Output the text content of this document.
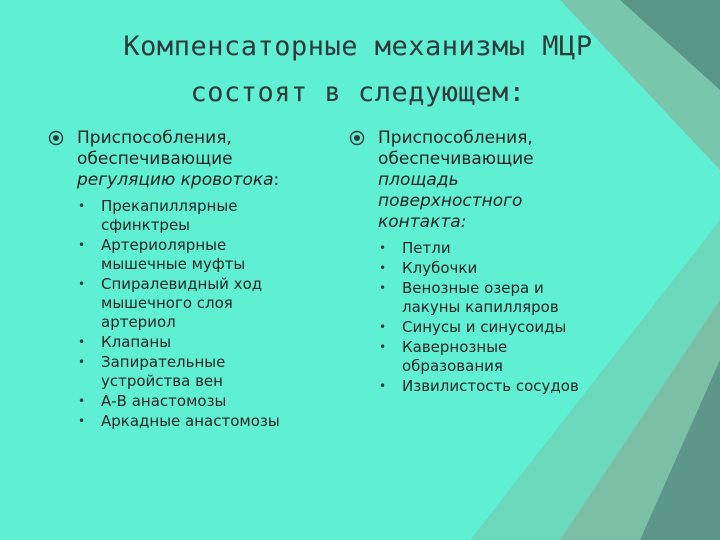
Компенсаторные механизмы МЦР
состоят в следующем:
Приспособления,
обеспечивающие
регуляцию кровотока:
• Прекапиллярные
сфинктреы
• Артериолярные
мышечные муфты
• Спиралевидный ход
мышечного слоя
артериол
• Клапаны
• Запирательные
устройства вен
• А-В анастомозы
• Аркадные анастомозы
Приспособления,
обеспечивающие
площадь
поверхностного
контакта:
• Петли
• Клубочки
• Венозные озера и
лакуны капилляров
• Синусы и синусоиды
• Кавернозные
образования
• Извилистость сосудов
